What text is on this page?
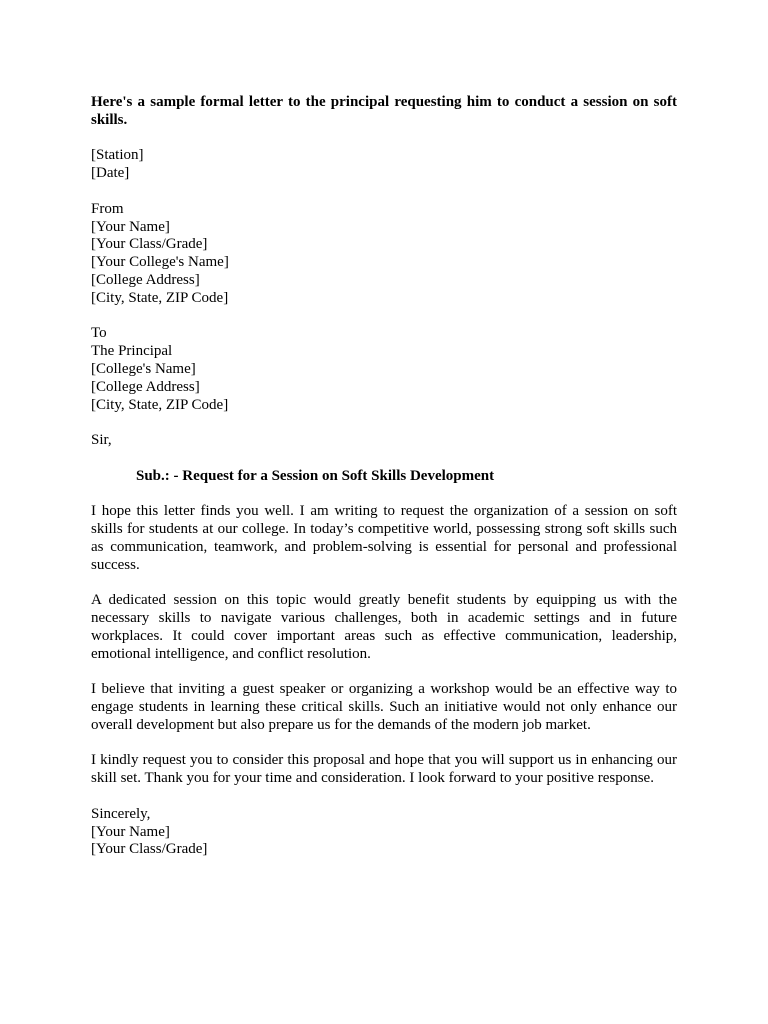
Here's a sample formal letter to the principal requesting him to conduct a session on soft skills.

[Station]
[Date]
From
[Your Name]
[Your Class/Grade]
[Your College's Name]
[College Address]
[City, State, ZIP Code]
To
The Principal
[College's Name]
[College Address]
[City, State, ZIP Code]

Sir,

Sub.: - Request for a Session on Soft Skills Development

I hope this letter finds you well. I am writing to request the organization of a session on soft skills for students at our college. In today’s competitive world, possessing strong soft skills such as communication, teamwork, and problem-solving is essential for personal and professional success.

A dedicated session on this topic would greatly benefit students by equipping us with the necessary skills to navigate various challenges, both in academic settings and in future workplaces. It could cover important areas such as effective communication, leadership, emotional intelligence, and conflict resolution.

I believe that inviting a guest speaker or organizing a workshop would be an effective way to engage students in learning these critical skills. Such an initiative would not only enhance our overall development but also prepare us for the demands of the modern job market.

I kindly request you to consider this proposal and hope that you will support us in enhancing our skill set. Thank you for your time and consideration. I look forward to your positive response.

Sincerely,
[Your Name]
[Your Class/Grade]
